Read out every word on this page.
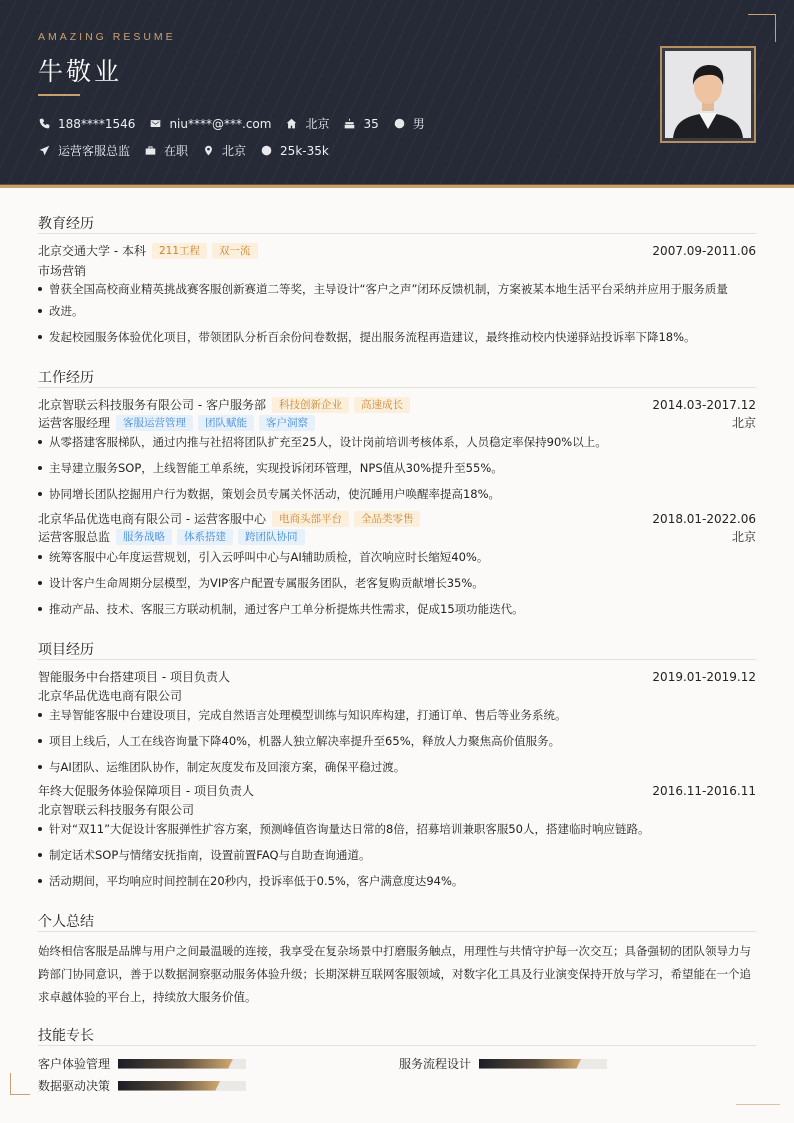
AMAZING RESUME
牛敬业
188****1546	niu****@***.com	北京	35	男
运营客服总监	在职	北京	25k-35k
教育经历
北京交通大学 - 本科	211工程	双一流	2007.09-2011.06
市场营销
曾获全国高校商业精英挑战赛客服创新赛道二等奖，主导设计“客户之声”闭环反馈机制，方案被某本地生活平台采纳并应用于服务质量
改进。
发起校园服务体验优化项目，带领团队分析百余份问卷数据，提出服务流程再造建议，最终推动校内快递驿站投诉率下降18%。
工作经历
北京智联云科技服务有限公司 - 客户服务部	科技创新企业	高速成长	2014.03-2017.12
运营客服经理	客服运营管理	团队赋能	客户洞察	北京
从零搭建客服梯队，通过内推与社招将团队扩充至25人，设计岗前培训考核体系，人员稳定率保持90%以上。
主导建立服务SOP，上线智能工单系统，实现投诉闭环管理，NPS值从30%提升至55%。
协同增长团队挖掘用户行为数据，策划会员专属关怀活动，使沉睡用户唤醒率提高18%。
北京华品优选电商有限公司 - 运营客服中心	电商头部平台	全品类零售	2018.01-2022.06
运营客服总监	服务战略	体系搭建	跨团队协同	北京
统筹客服中心年度运营规划，引入云呼叫中心与AI辅助质检，首次响应时长缩短40%。
设计客户生命周期分层模型，为VIP客户配置专属服务团队，老客复购贡献增长35%。
推动产品、技术、客服三方联动机制，通过客户工单分析提炼共性需求，促成15项功能迭代。
项目经历
智能服务中台搭建项目 - 项目负责人	2019.01-2019.12
北京华品优选电商有限公司
主导智能客服中台建设项目，完成自然语言处理模型训练与知识库构建，打通订单、售后等业务系统。
项目上线后，人工在线咨询量下降40%，机器人独立解决率提升至65%，释放人力聚焦高价值服务。
与AI团队、运维团队协作，制定灰度发布及回滚方案，确保平稳过渡。
年终大促服务体验保障项目 - 项目负责人	2016.11-2016.11
北京智联云科技服务有限公司
针对“双11”大促设计客服弹性扩容方案，预测峰值咨询量达日常的8倍，招募培训兼职客服50人，搭建临时响应链路。
制定话术SOP与情绪安抚指南，设置前置FAQ与自助查询通道。
活动期间，平均响应时间控制在20秒内，投诉率低于0.5%，客户满意度达94%。
个人总结
始终相信客服是品牌与用户之间最温暖的连接，我享受在复杂场景中打磨服务触点，用理性与共情守护每一次交互；具备强韧的团队领导力与跨部门协同意识，善于以数据洞察驱动服务体验升级；长期深耕互联网客服领域，对数字化工具及行业演变保持开放与学习，希望能在一个追求卓越体验的平台上，持续放大服务价值。
技能专长
客户体验管理	服务流程设计
数据驱动决策
